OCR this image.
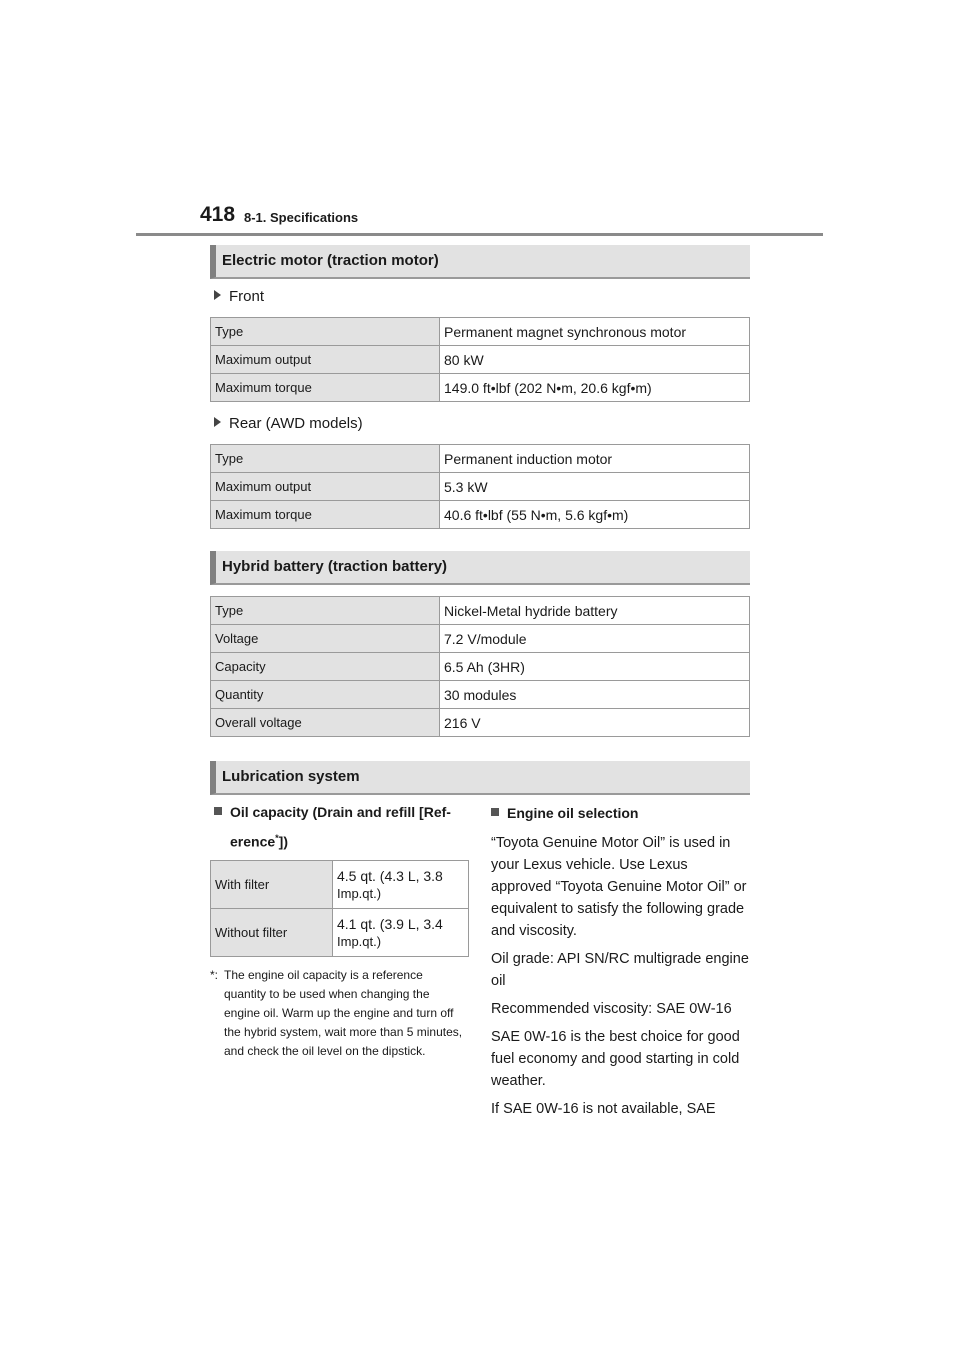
418 8-1. Specifications
Electric motor (traction motor)
Front
Type	Permanent magnet synchronous motor
Maximum output	80 kW
Maximum torque	149.0 ft•lbf (202 N•m, 20.6 kgf•m)
Rear (AWD models)
Type	Permanent induction motor
Maximum output	5.3 kW
Maximum torque	40.6 ft•lbf (55 N•m, 5.6 kgf•m)
Hybrid battery (traction battery)
Type	Nickel-Metal hydride battery
Voltage	7.2 V/module
Capacity	6.5 Ah (3HR)
Quantity	30 modules
Overall voltage	216 V
Lubrication system
Oil capacity (Drain and refill [Ref-
erence*])
With filter	4.5 qt. (4.3 L, 3.8
Imp.qt.)

Without filter	4.1 qt. (3.9 L, 3.4
Imp.qt.)
*: The engine oil capacity is a reference quantity to be used when changing the engine oil. Warm up the engine and turn off the hybrid system, wait more than 5 minutes, and check the oil level on the dipstick.
Engine oil selection

“Toyota Genuine Motor Oil” is used in your Lexus vehicle. Use Lexus approved “Toyota Genuine Motor Oil” or equivalent to satisfy the following grade and viscosity.

Oil grade: API SN/RC multigrade engine oil

Recommended viscosity: SAE 0W-16

SAE 0W-16 is the best choice for good fuel economy and good starting in cold weather.

If SAE 0W-16 is not available, SAE
